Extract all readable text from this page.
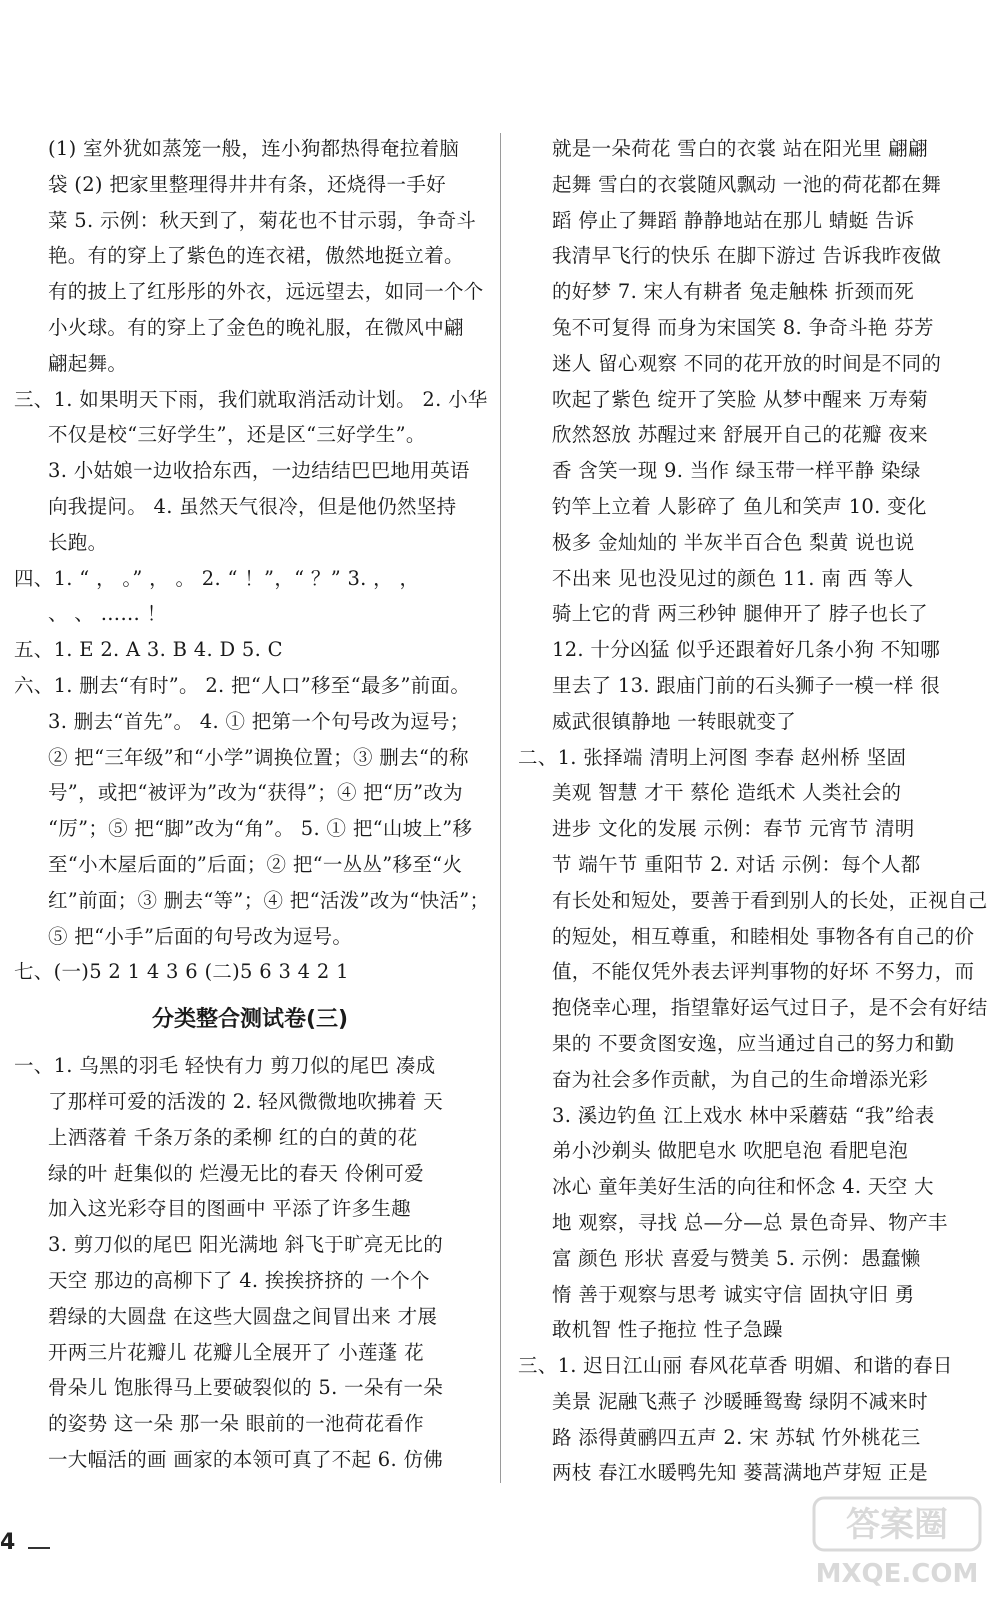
(1) 室外犹如蒸笼一般，连小狗都热得奄拉着脑
袋 (2) 把家里整理得井井有条，还烧得一手好
菜 5. 示例：秋天到了，菊花也不甘示弱，争奇斗
艳。有的穿上了紫色的连衣裙，傲然地挺立着。
有的披上了红彤彤的外衣，远远望去，如同一个个
小火球。有的穿上了金色的晚礼服，在微风中翩
翩起舞。
三、1. 如果明天下雨，我们就取消活动计划。 2. 小华
不仅是校“三好学生”，还是区“三好学生”。
3. 小姑娘一边收拾东西，一边结结巴巴地用英语
向我提问。 4. 虽然天气很冷，但是他仍然坚持
长跑。
四、1. “ ， 。” ， 。 2. “ ！”，“ ？” 3. ， ，
、 、 …… ！
五、1. E 2. A 3. B 4. D 5. C
六、1. 删去“有时”。 2. 把“人口”移至“最多”前面。
3. 删去“首先”。 4. ① 把第一个句号改为逗号；
② 把“三年级”和“小学”调换位置；③ 删去“的称
号”，或把“被评为”改为“获得”；④ 把“历”改为
“厉”；⑤ 把“脚”改为“角”。 5. ① 把“山坡上”移
至“小木屋后面的”后面；② 把“一丛丛”移至“火
红”前面；③ 删去“等”；④ 把“活泼”改为“快活”；
⑤ 把“小手”后面的句号改为逗号。
七、(一)5 2 1 4 3 6 (二)5 6 3 4 2 1
分类整合测试卷(三)
一、1. 乌黑的羽毛 轻快有力 剪刀似的尾巴 凑成
了那样可爱的活泼的 2. 轻风微微地吹拂着 天
上洒落着 千条万条的柔柳 红的白的黄的花
绿的叶 赶集似的 烂漫无比的春天 伶俐可爱
加入这光彩夺目的图画中 平添了许多生趣
3. 剪刀似的尾巴 阳光满地 斜飞于旷亮无比的
天空 那边的高柳下了 4. 挨挨挤挤的 一个个
碧绿的大圆盘 在这些大圆盘之间冒出来 才展
开两三片花瓣儿 花瓣儿全展开了 小莲蓬 花
骨朵儿 饱胀得马上要破裂似的 5. 一朵有一朵
的姿势 这一朵 那一朵 眼前的一池荷花看作
一大幅活的画 画家的本领可真了不起 6. 仿佛
就是一朵荷花 雪白的衣裳 站在阳光里 翩翩
起舞 雪白的衣裳随风飘动 一池的荷花都在舞
蹈 停止了舞蹈 静静地站在那儿 蜻蜓 告诉
我清早飞行的快乐 在脚下游过 告诉我昨夜做
的好梦 7. 宋人有耕者 兔走触株 折颈而死
兔不可复得 而身为宋国笑 8. 争奇斗艳 芬芳
迷人 留心观察 不同的花开放的时间是不同的
吹起了紫色 绽开了笑脸 从梦中醒来 万寿菊
欣然怒放 苏醒过来 舒展开自己的花瓣 夜来
香 含笑一现 9. 当作 绿玉带一样平静 染绿
钓竿上立着 人影碎了 鱼儿和笑声 10. 变化
极多 金灿灿的 半灰半百合色 梨黄 说也说
不出来 见也没见过的颜色 11. 南 西 等人
骑上它的背 两三秒钟 腿伸开了 脖子也长了
12. 十分凶猛 似乎还跟着好几条小狗 不知哪
里去了 13. 跟庙门前的石头狮子一模一样 很
威武很镇静地 一转眼就变了
二、1. 张择端 清明上河图 李春 赵州桥 坚固
美观 智慧 才干 蔡伦 造纸术 人类社会的
进步 文化的发展 示例：春节 元宵节 清明
节 端午节 重阳节 2. 对话 示例：每个人都
有长处和短处，要善于看到别人的长处，正视自己
的短处，相互尊重，和睦相处 事物各有自己的价
值，不能仅凭外表去评判事物的好坏 不努力，而
抱侥幸心理，指望靠好运气过日子，是不会有好结
果的 不要贪图安逸，应当通过自己的努力和勤
奋为社会多作贡献，为自己的生命增添光彩
3. 溪边钓鱼 江上戏水 林中采蘑菇 “我”给表
弟小沙剃头 做肥皂水 吹肥皂泡 看肥皂泡
冰心 童年美好生活的向往和怀念 4. 天空 大
地 观察，寻找 总—分—总 景色奇异、物产丰
富 颜色 形状 喜爱与赞美 5. 示例：愚蠢懒
惰 善于观察与思考 诚实守信 固执守旧 勇
敢机智 性子拖拉 性子急躁
三、1. 迟日江山丽 春风花草香 明媚、和谐的春日
美景 泥融飞燕子 沙暖睡鸳鸯 绿阴不减来时
路 添得黄鹂四五声 2. 宋 苏轼 竹外桃花三
两枝 春江水暖鸭先知 蒌蒿满地芦芽短 正是
4	答案圈
MXQE.COM
